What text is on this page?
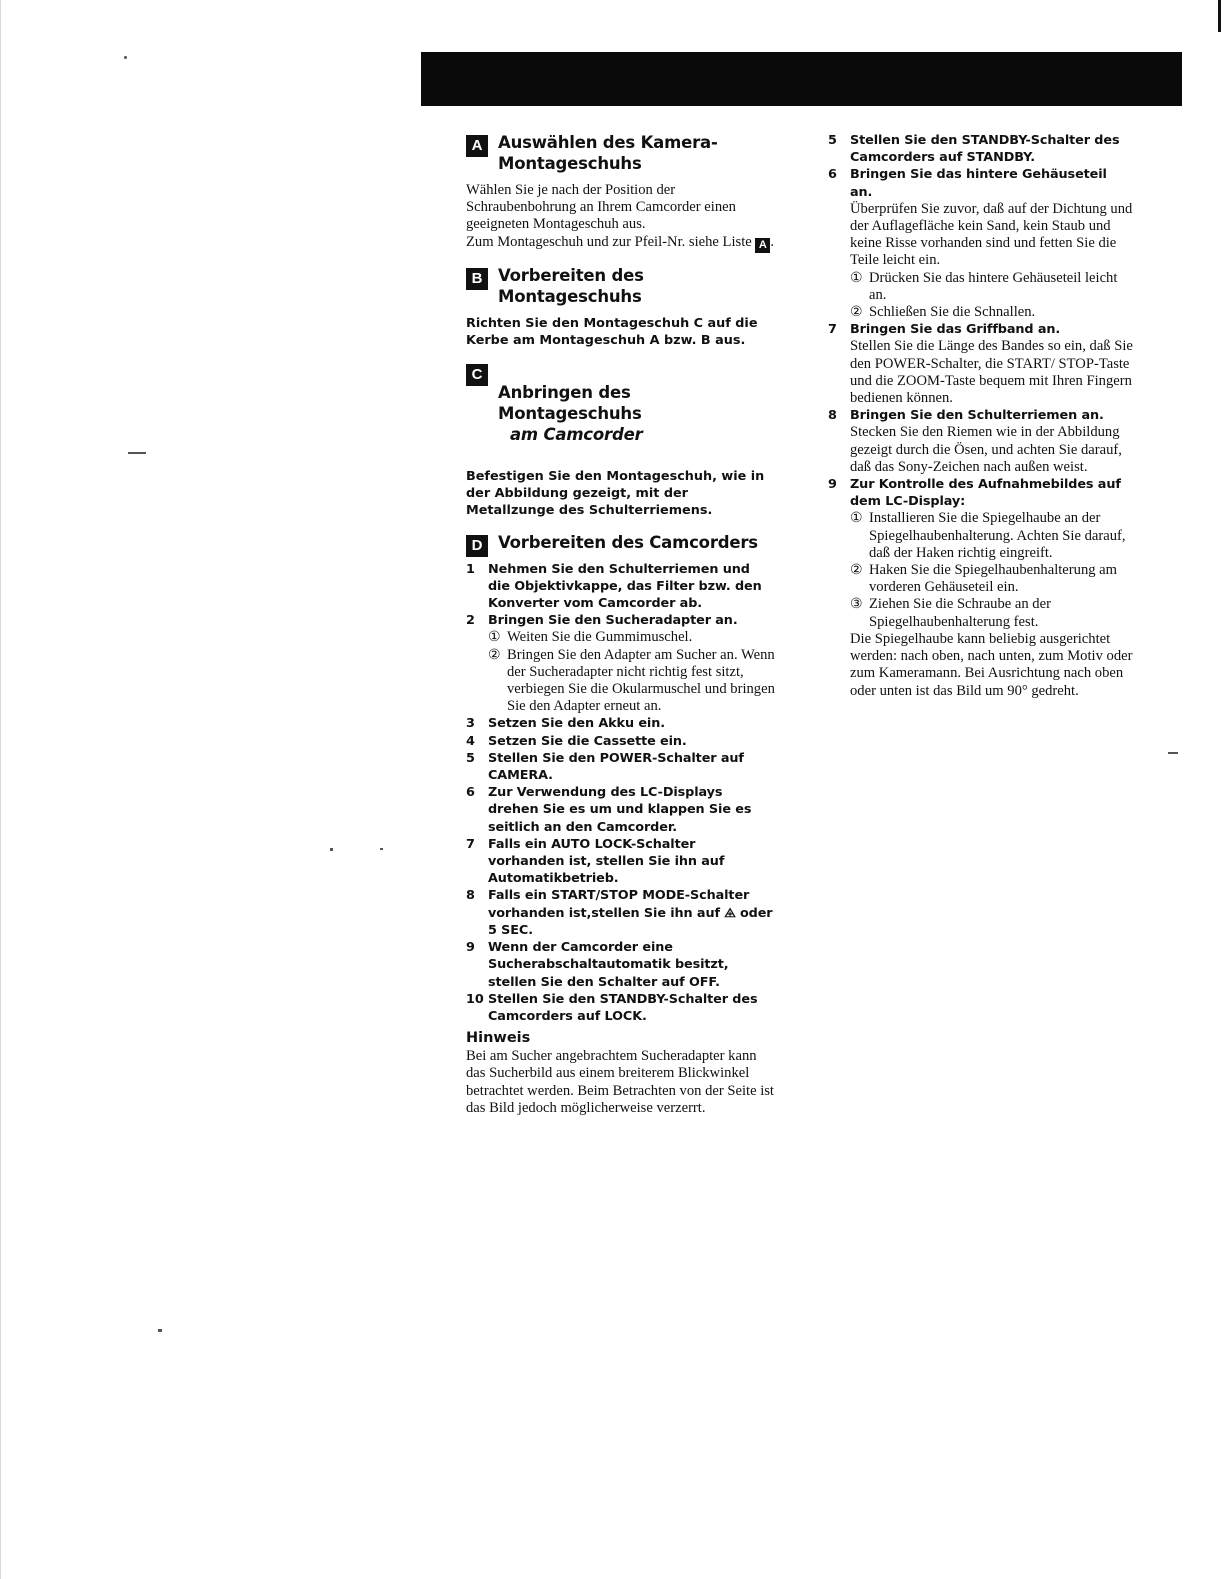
A Auswählen des Kamera-
Montageschuhs

Wählen Sie je nach der Position der Schraubenbohrung an Ihrem Camcorder einen geeigneten Montageschuh aus.

Zum Montageschuh und zur Pfeil-Nr. siehe Liste A .

B Vorbereiten des
Montageschuhs

Richten Sie den Montageschuh C auf die Kerbe am Montageschuh A bzw. B aus.

C

Anbringen des Montageschuhs

am Camcorder

Befestigen Sie den Montageschuh, wie in der Abbildung gezeigt, mit der Metallzunge des Schulterriemens.

D Vorbereiten des Camcorders
1	Nehmen Sie den Schulterriemen und die Objektivkappe, das Filter bzw. den Konverter vom Camcorder ab.
2	Bringen Sie den Sucheradapter an.
① Weiten Sie die Gummimuschel.
② Bringen Sie den Adapter am Sucher an. Wenn der Sucheradapter nicht richtig fest sitzt, verbiegen Sie die Okularmuschel und bringen Sie den Adapter erneut an.
3	Setzen Sie den Akku ein.
4	Setzen Sie die Cassette ein.
5	Stellen Sie den POWER-Schalter auf CAMERA.
6	Zur Verwendung des LC-Displays drehen Sie es um und klappen Sie es seitlich an den Camcorder.
7	Falls ein AUTO LOCK-Schalter vorhanden ist, stellen Sie ihn auf Automatikbetrieb.
8	Falls ein START/STOP MODE-Schalter vorhanden ist,stellen Sie ihn auf ⨹ oder 5 SEC.
9	Wenn der Camcorder eine Sucherabschaltautomatik besitzt, stellen Sie den Schalter auf OFF.
10 Stellen Sie den STANDBY-Schalter des Camcorders auf LOCK.
Hinweis

Bei am Sucher angebrachtem Sucheradapter kann das Sucherbild aus einem breiterem Blickwinkel betrachtet werden. Beim Betrachten von der Seite ist das Bild jedoch möglicherweise verzerrt.

5	Stellen Sie den STANDBY-Schalter des Camcorders auf STANDBY.
6	Bringen Sie das hintere Gehäuseteil an.
Überprüfen Sie zuvor, daß auf der Dichtung und der Auflagefläche kein Sand, kein Staub und keine Risse vorhanden sind und fetten Sie die Teile leicht ein.
① Drücken Sie das hintere Gehäuseteil leicht an.
② Schließen Sie die Schnallen.
7	Bringen Sie das Griffband an.
Stellen Sie die Länge des Bandes so ein, daß Sie den POWER-Schalter, die START/ STOP-Taste und die ZOOM-Taste bequem mit Ihren Fingern bedienen können.
8	Bringen Sie den Schulterriemen an.
Stecken Sie den Riemen wie in der Abbildung gezeigt durch die Ösen, und achten Sie darauf, daß das Sony-Zeichen nach außen weist.
9	Zur Kontrolle des Aufnahmebildes auf dem LC-Display:
① Installieren Sie die Spiegelhaube an der Spiegelhaubenhalterung. Achten Sie darauf, daß der Haken richtig eingreift.
② Haken Sie die Spiegelhaubenhalterung am vorderen Gehäuseteil ein.
③ Ziehen Sie die Schraube an der Spiegelhaubenhalterung fest.
Die Spiegelhaube kann beliebig ausgerichtet werden: nach oben, nach unten, zum Motiv oder zum Kameramann. Bei Ausrichtung nach oben oder unten ist das Bild um 90° gedreht.
